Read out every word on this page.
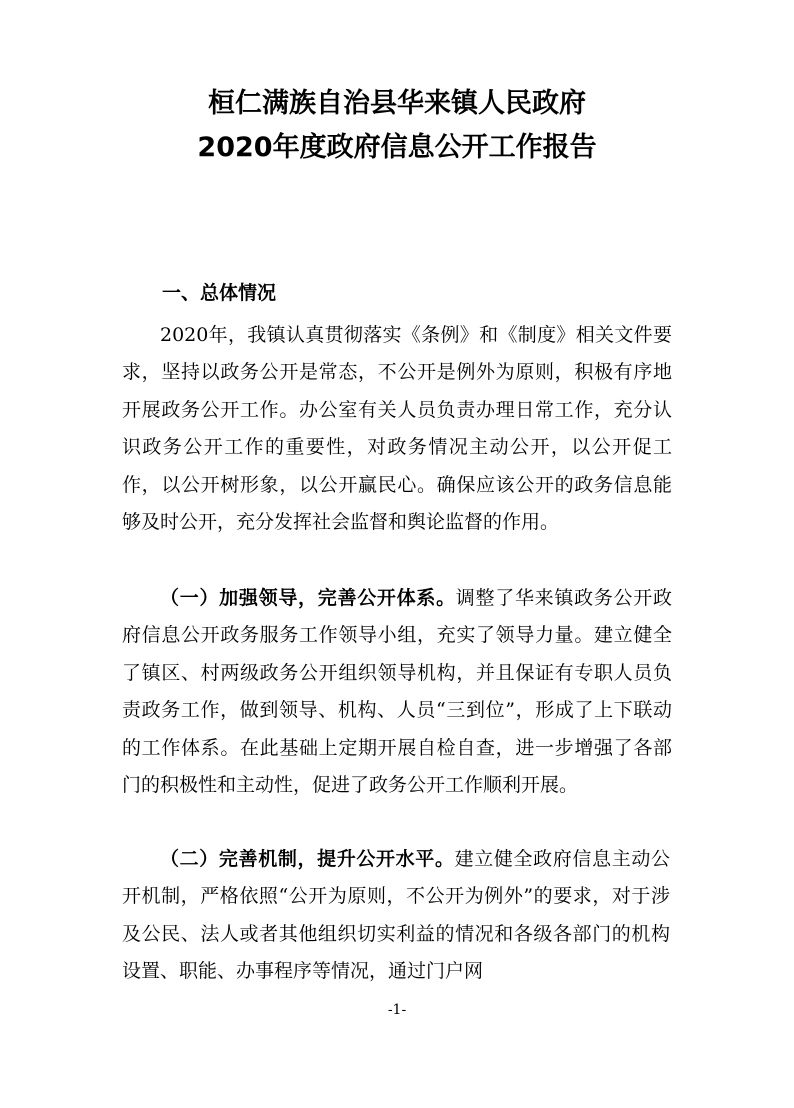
桓仁满族自治县华来镇人民政府
2020年度政府信息公开工作报告
一、总体情况
2020年，我镇认真贯彻落实《条例》和《制度》相关文件要求，坚持以政务公开是常态，不公开是例外为原则，积极有序地开展政务公开工作。办公室有关人员负责办理日常工作，充分认识政务公开工作的重要性，对政务情况主动公开，以公开促工作，以公开树形象，以公开赢民心。确保应该公开的政务信息能够及时公开，充分发挥社会监督和舆论监督的作用。
（一）加强领导，完善公开体系。调整了华来镇政务公开政府信息公开政务服务工作领导小组，充实了领导力量。建立健全了镇区、村两级政务公开组织领导机构，并且保证有专职人员负责政务工作，做到领导、机构、人员“三到位”，形成了上下联动的工作体系。在此基础上定期开展自检自查，进一步增强了各部门的积极性和主动性，促进了政务公开工作顺利开展。
（二）完善机制，提升公开水平。建立健全政府信息主动公开机制，严格依照“公开为原则，不公开为例外”的要求，对于涉及公民、法人或者其他组织切实利益的情况和各级各部门的机构设置、职能、办事程序等情况，通过门户网
-1-
